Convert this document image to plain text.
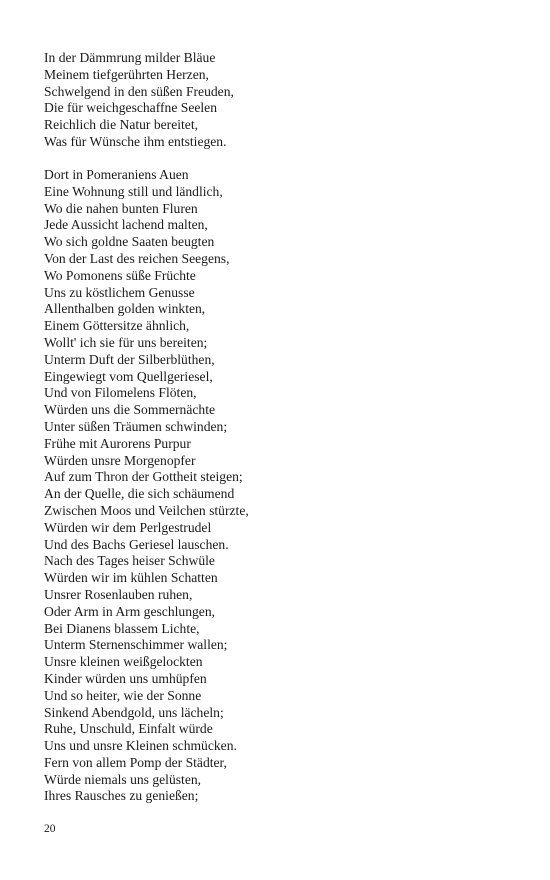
In der Dämmrung milder Bläue
Meinem tiefgerührten Herzen,
Schwelgend in den süßen Freuden,
Die für weichgeschaffne Seelen
Reichlich die Natur bereitet,
Was für Wünsche ihm entstiegen.
Dort in Pomeraniens Auen
Eine Wohnung still und ländlich,
Wo die nahen bunten Fluren
Jede Aussicht lachend malten,
Wo sich goldne Saaten beugten
Von der Last des reichen Seegens,
Wo Pomonens süße Früchte
Uns zu köstlichem Genusse
Allenthalben golden winkten,
Einem Göttersitze ähnlich,
Wollt' ich sie für uns bereiten;
Unterm Duft der Silberblüthen,
Eingewiegt vom Quellgeriesel,
Und von Filomelens Flöten,
Würden uns die Sommernächte
Unter süßen Träumen schwinden;
Frühe mit Aurorens Purpur
Würden unsre Morgenopfer
Auf zum Thron der Gottheit steigen;
An der Quelle, die sich schäumend
Zwischen Moos und Veilchen stürzte,
Würden wir dem Perlgestrudel
Und des Bachs Geriesel lauschen.
Nach des Tages heiser Schwüle
Würden wir im kühlen Schatten
Unsrer Rosenlauben ruhen,
Oder Arm in Arm geschlungen,
Bei Dianens blassem Lichte,
Unterm Sternenschimmer wallen;
Unsre kleinen weißgelockten
Kinder würden uns umhüpfen
Und so heiter, wie der Sonne
Sinkend Abendgold, uns lächeln;
Ruhe, Unschuld, Einfalt würde
Uns und unsre Kleinen schmücken.
Fern von allem Pomp der Städter,
Würde niemals uns gelüsten,
Ihres Rausches zu genießen;
20
